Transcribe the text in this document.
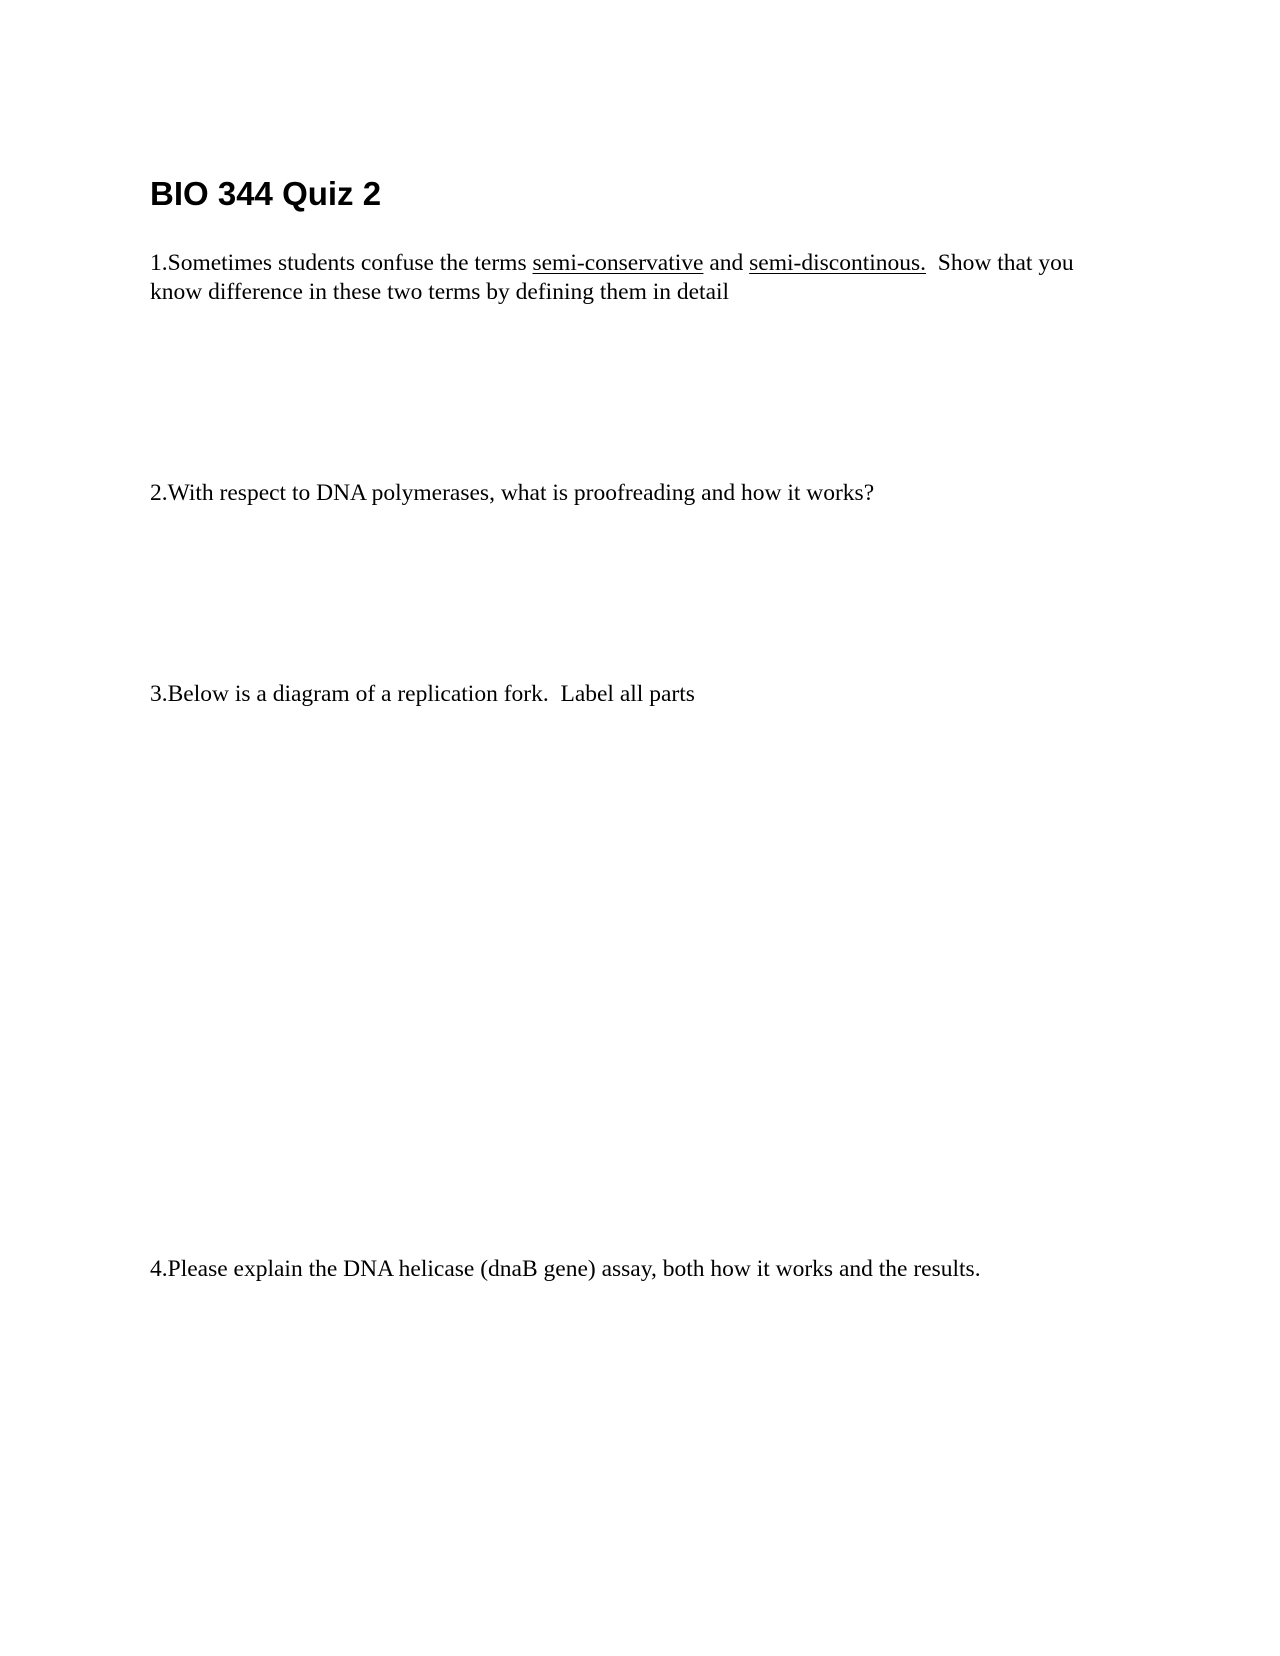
BIO 344 Quiz 2

1.Sometimes students confuse the terms semi-conservative and semi-discontinous.  Show that you know difference in these two terms by defining them in detail

2.With respect to DNA polymerases, what is proofreading and how it works?

3.Below is a diagram of a replication fork.  Label all parts

4.Please explain the DNA helicase (dnaB gene) assay, both how it works and the results.
